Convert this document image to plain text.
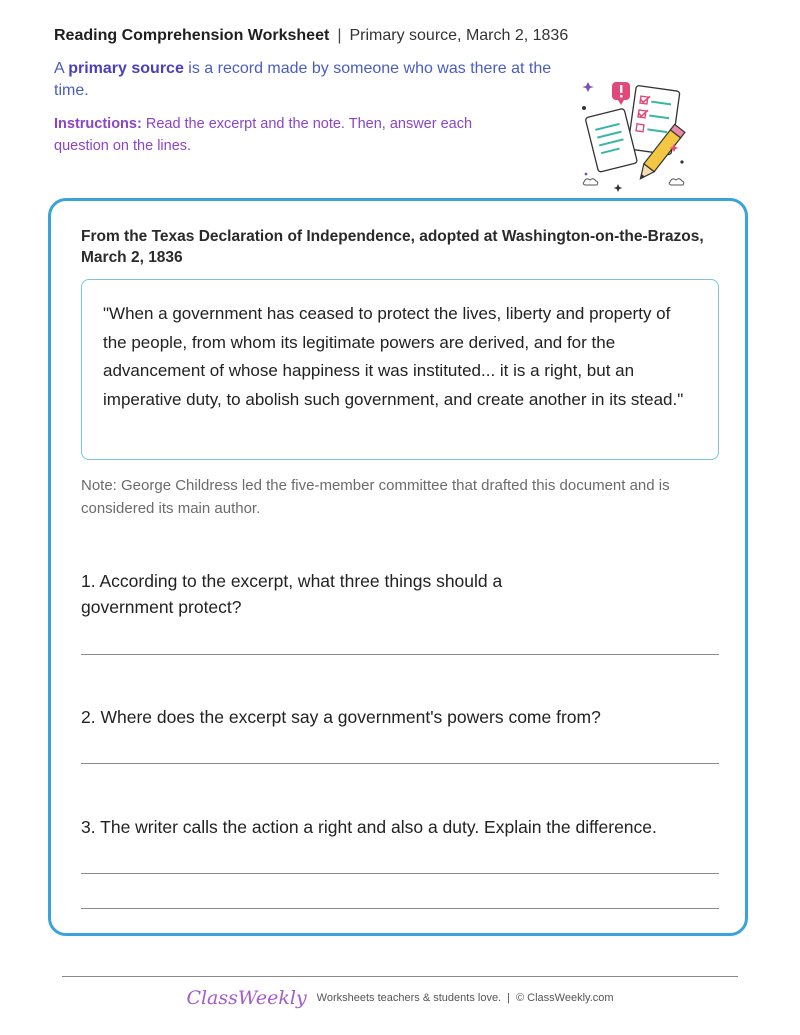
Reading Comprehension Worksheet | Primary source, March 2, 1836
A primary source is a record made by someone who was there at the time.
Instructions: Read the excerpt and the note. Then, answer each question on the lines.
From the Texas Declaration of Independence, adopted at Washington-on-the-Brazos, March 2, 1836
"When a government has ceased to protect the lives, liberty and property of the people, from whom its legitimate powers are derived, and for the advancement of whose happiness it was instituted... it is a right, but an imperative duty, to abolish such government, and create another in its stead."
Note: George Childress led the five-member committee that drafted this document and is considered its main author.
1. According to the excerpt, what three things should a government protect?
2. Where does the excerpt say a government's powers come from?
3. The writer calls the action a right and also a duty. Explain the difference.
ClassWeekly Worksheets teachers & students love. | © ClassWeekly.com
